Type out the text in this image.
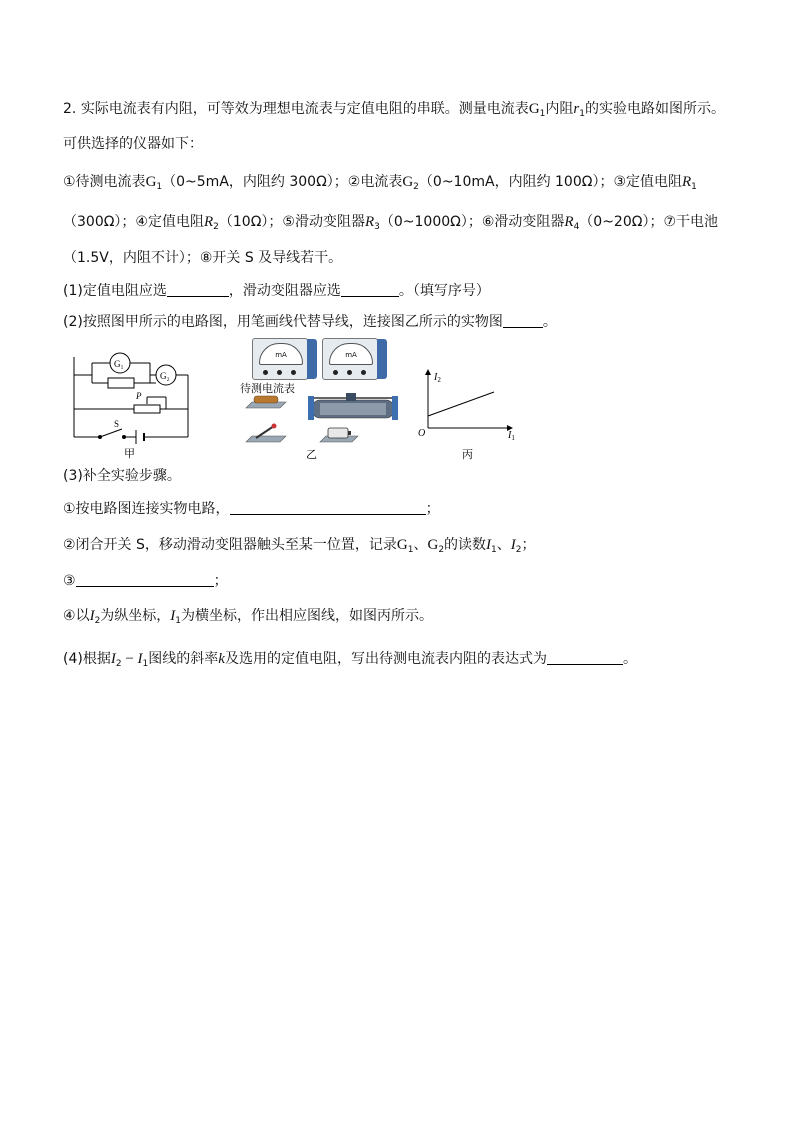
2. 实际电流表有内阻，可等效为理想电流表与定值电阻的串联。测量电流表$G_1$内阻$r_1$的实验电路如图所示。
可供选择的仪器如下：
①待测电流表$G_1(0\sim 5mA$，内阻约 300Ω）；②电流表$G_2(0\sim 10mA$，内阻约 100Ω）；③定值电阻$R_1$
（300Ω）；④定值电阻$R_2(10\Omega)$；⑤滑动变阻器$R_3(0\sim 1000\Omega)$；⑥滑动变阻器$R_4(0\sim 20\Omega)$；⑦干电池
（1.5V，内阻不计）；⑧开关 S 及导线若干。
(1)定值电阻应选	，滑动变阻器应选	。（填写序号）
(2)按照图甲所示的电路图，用笔画线代替导线，连接图乙所示的实物图	。
G₁
G₂
P
S
甲
mA	mA
待测电流表
乙
$I_2$
$I_1$
O
丙
(3)补全实验步骤。
①按电路图连接实物电路，	；
②闭合开关 S，移动滑动变阻器触头至某一位置，记录$G_1$、$G_2$的读数$I_1$、$I_2$；
③	；
④以$I_2$为纵坐标，$I_1$为横坐标，作出相应图线，如图丙所示。
(4)根据$I_2 - I_1$图线的斜率k及选用的定值电阻，写出待测电流表内阻的表达式为	。
